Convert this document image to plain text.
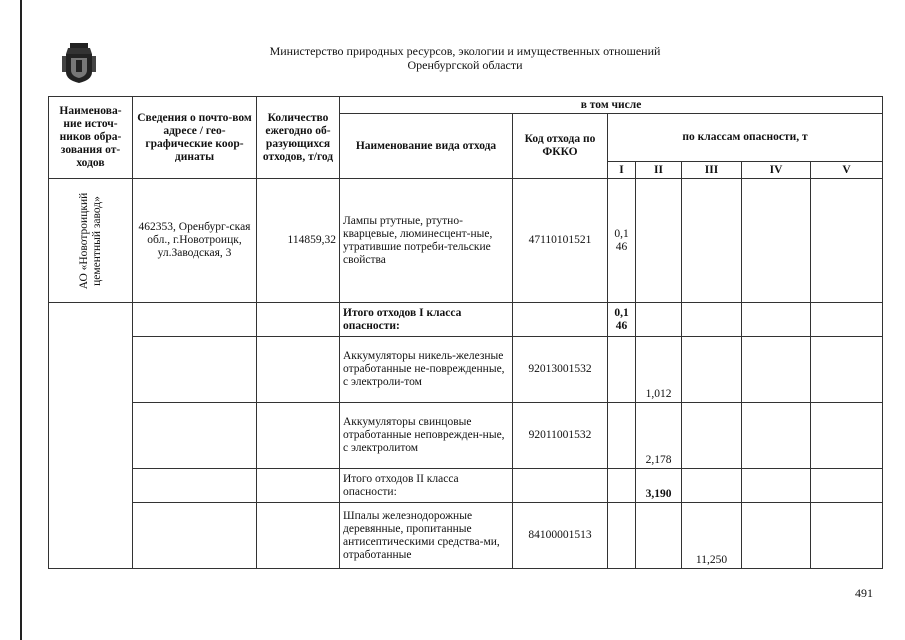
Министерство природных ресурсов, экологии и имущественных отношений
Оренбургской области
Наименова-ние источ-ников обра-зования от-ходов	Сведения о почто-вом адресе / гео-графические коор-динаты	Количество ежегодно об-разующихся отходов, т/год	в том числе						
			Наименование вида отхода	Код отхода по ФККО	по классам опасности, т				
					I	II	III	IV	V

АО «Новотроицкий цементный завод»	462353, Оренбург-ская обл., г.Новотроицк, ул.Заводская, 3	114859,32	Лампы ртутные, ртутно-кварцевые, люминесцент-ные, утратившие потреби-тельские свойства	47110101521	0,1 46				
			Итого отходов I класса опасности:		0,1 46				
			Аккумуляторы никель-железные отработанные не-поврежденные, с электроли-том	92013001532		1,012			
			Аккумуляторы свинцовые отработанные неповрежден-ные, с электролитом	92011001532		2,178			
			Итого отходов II класса опасности:			3,190			
			Шпалы железнодорожные деревянные, пропитанные антисептическими средства-ми, отработанные	84100001513			11,250		
491
